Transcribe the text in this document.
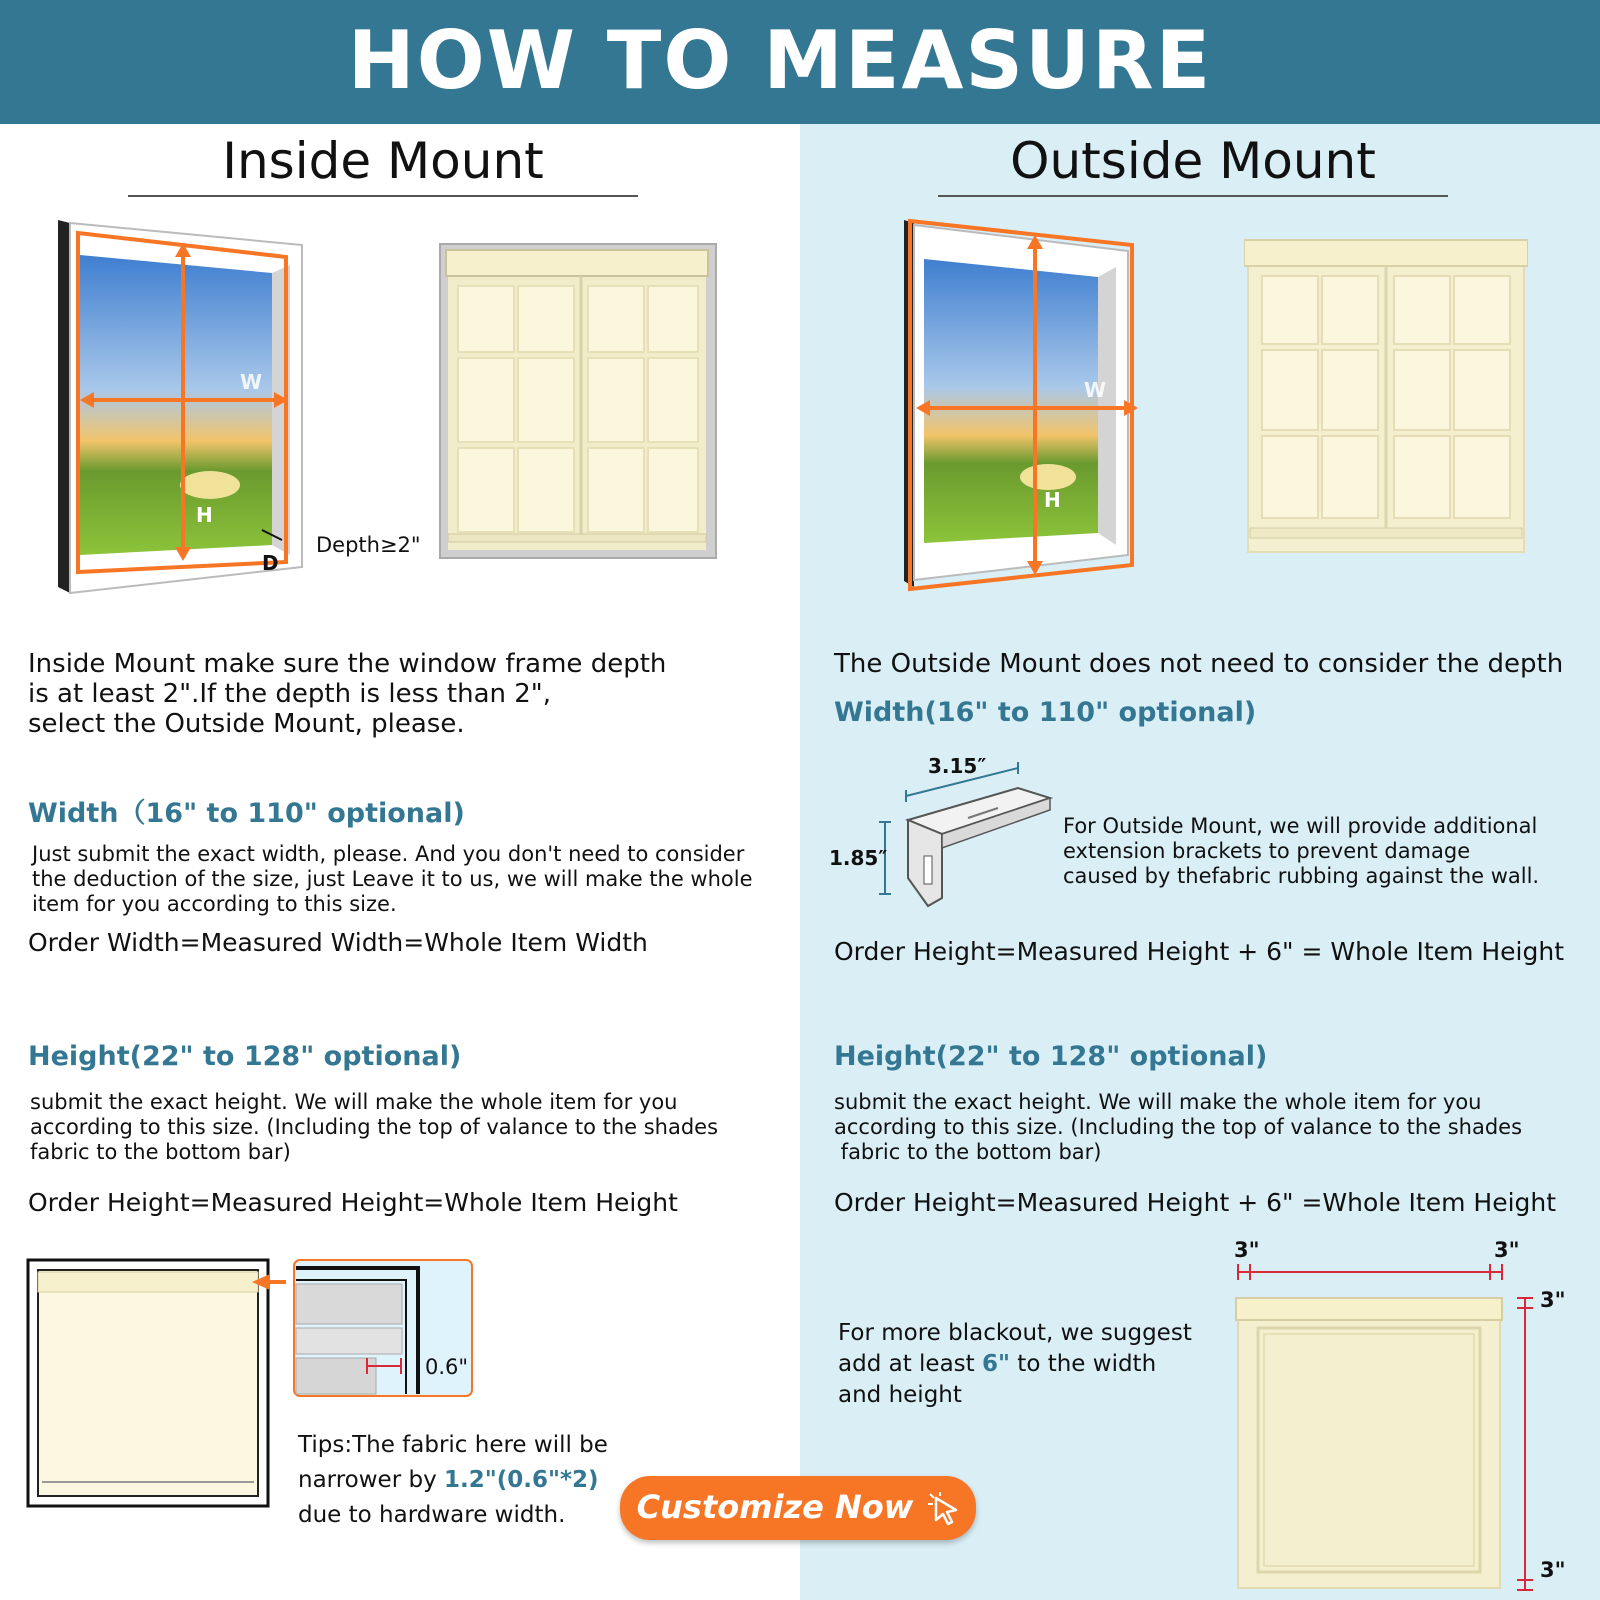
HOW TO MEASURE
Inside Mount
W
H
D
Depth≥2"
Inside Mount make sure the window frame depth
is at least 2".If the depth is less than 2",
select the Outside Mount, please.
Width（16" to 110" optional)
Just submit the exact width, please. And you don't need to consider
the deduction of the size, just Leave it to us, we will make the whole
item for you according to this size.
Order Width=Measured Width=Whole Item Width
Height(22" to 128" optional)
submit the exact height. We will make the whole item for you
according to this size. (Including the top of valance to the shades
fabric to the bottom bar)
Order Height=Measured Height=Whole Item Height
0.6"
Tips:The fabric here will be
narrower by 1.2"(0.6"*2)
due to hardware width.
Outside Mount
W
H
The Outside Mount does not need to consider the depth
Width(16" to 110" optional)
3.15″
1.85″
For Outside Mount, we will provide additional
extension brackets to prevent damage
caused by thefabric rubbing against the wall.
Order Height=Measured Height + 6" = Whole Item Height
Height(22" to 128" optional)
submit the exact height. We will make the whole item for you
according to this size. (Including the top of valance to the shades
fabric to the bottom bar)
Order Height=Measured Height + 6" =Whole Item Height
For more blackout, we suggest
add at least 6" to the width
and height
3"	3"
3"
3"
Customize Now
